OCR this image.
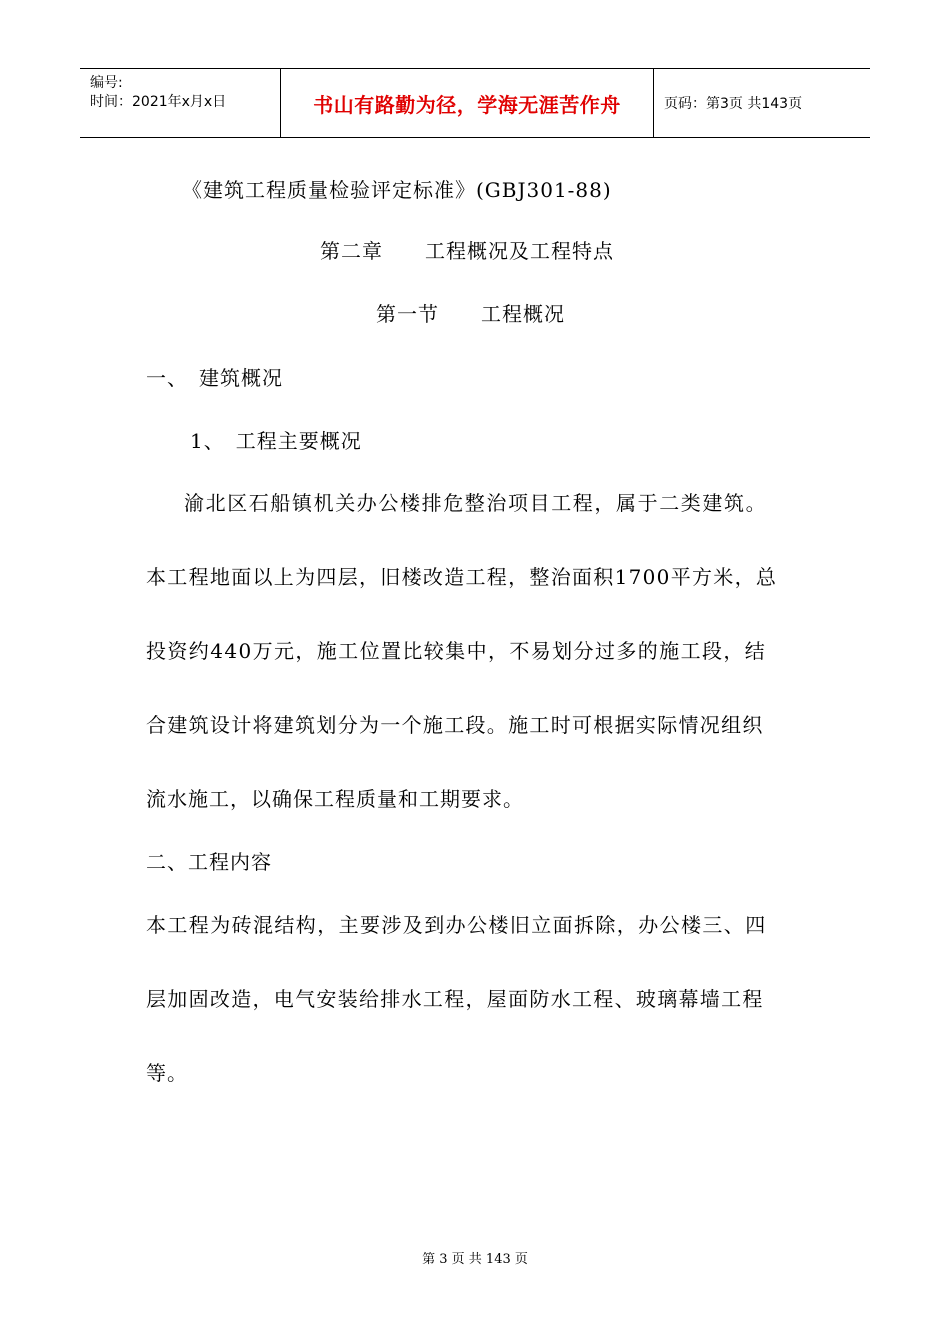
编号:
时间：2021年x月x日	书山有路勤为径，学海无涯苦作舟	页码：第3页 共143页
《建筑工程质量检验评定标准》(GBJ301-88)
第二章　　工程概况及工程特点
第一节　　工程概况
一、　建筑概况
1、　工程主要概况
渝北区石船镇机关办公楼排危整治项目工程，属于二类建筑。
本工程地面以上为四层，旧楼改造工程，整治面积1700平方米，总
投资约440万元，施工位置比较集中，不易划分过多的施工段，结
合建筑设计将建筑划分为一个施工段。施工时可根据实际情况组织
流水施工，以确保工程质量和工期要求。
二、工程内容
本工程为砖混结构，主要涉及到办公楼旧立面拆除，办公楼三、四
层加固改造，电气安装给排水工程，屋面防水工程、玻璃幕墙工程
等。
第 3 页 共 143 页
